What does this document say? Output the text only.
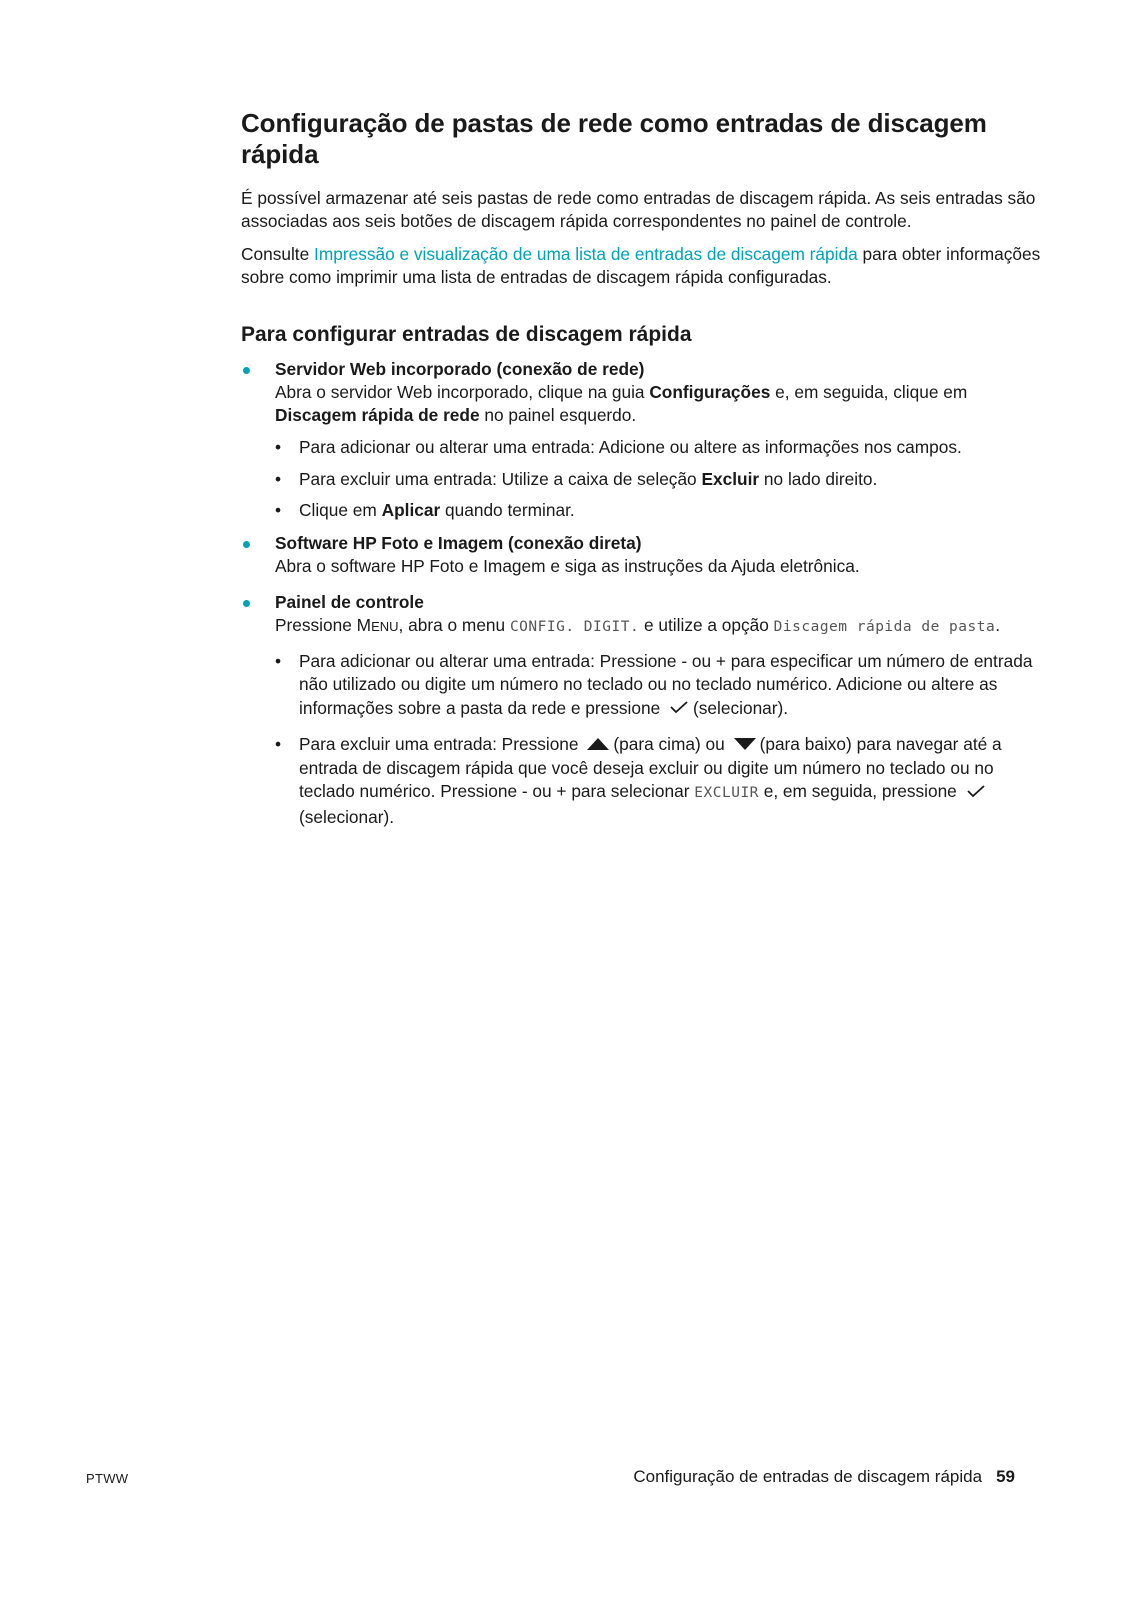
Configuração de pastas de rede como entradas de discagem rápida

É possível armazenar até seis pastas de rede como entradas de discagem rápida. As seis entradas são associadas aos seis botões de discagem rápida correspondentes no painel de controle.

Consulte Impressão e visualização de uma lista de entradas de discagem rápida para obter informações sobre como imprimir uma lista de entradas de discagem rápida configuradas.

Para configurar entradas de discagem rápida
Servidor Web incorporado (conexão de rede)
Abra o servidor Web incorporado, clique na guia Configurações e, em seguida, clique em
Discagem rápida de rede no painel esquerdo.
• Para adicionar ou alterar uma entrada: Adicione ou altere as informações nos campos.
• Para excluir uma entrada: Utilize a caixa de seleção Excluir no lado direito.
• Clique em Aplicar quando terminar.
Software HP Foto e Imagem (conexão direta)
Abra o software HP Foto e Imagem e siga as instruções da Ajuda eletrônica.
Painel de controle
Pressione MENU, abra o menu CONFIG. DIGIT. e utilize a opção Discagem rápida de pasta.
• Para adicionar ou alterar uma entrada: Pressione - ou + para especificar um número de entrada não utilizado ou digite um número no teclado ou no teclado numérico. Adicione ou altere as informações sobre a pasta da rede e pressione (selecionar).
• Para excluir uma entrada: Pressione (para cima) ou (para baixo) para navegar até a entrada de discagem rápida que você deseja excluir ou digite um número no teclado ou no teclado numérico. Pressione - ou + para selecionar EXCLUIR e, em seguida, pressione (selecionar).
PTWW	Configuração de entradas de discagem rápida 59
